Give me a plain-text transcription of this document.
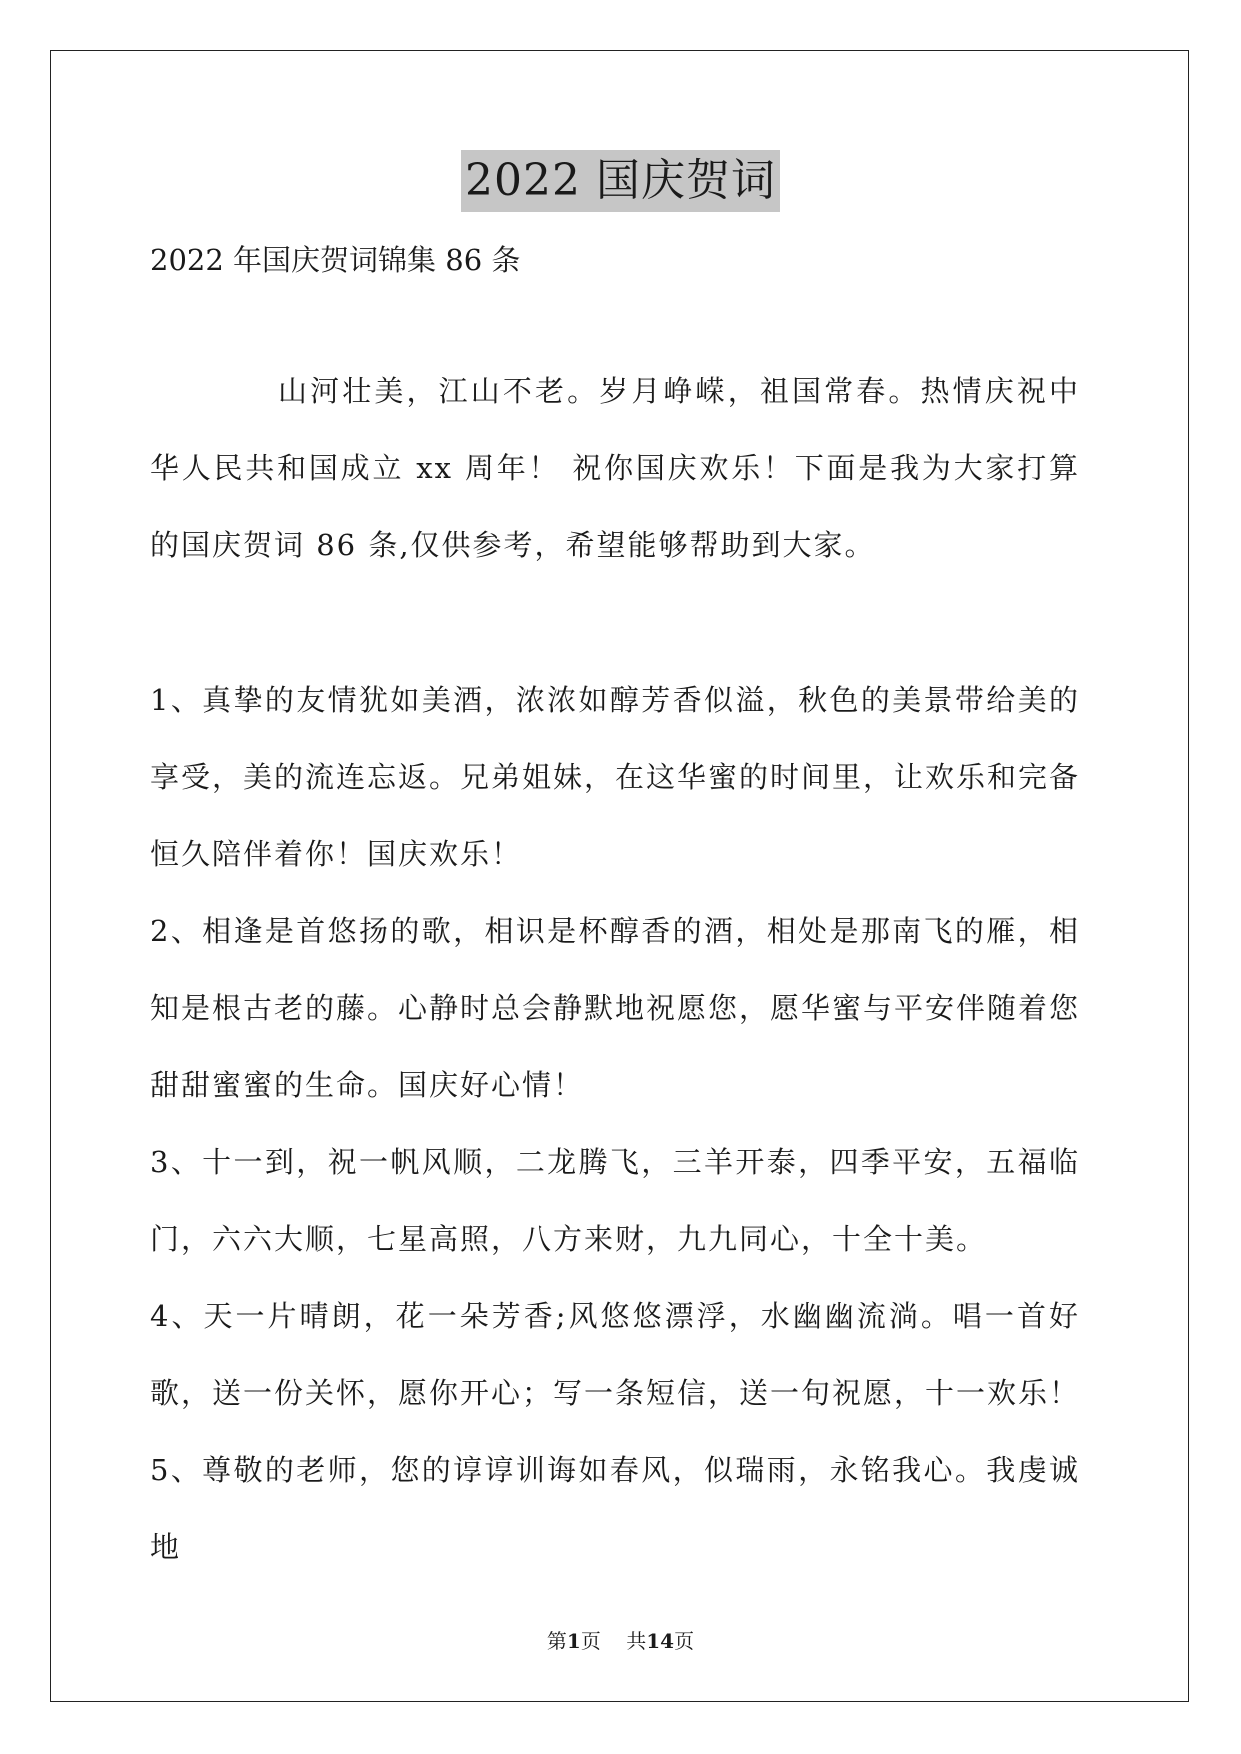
2022 国庆贺词
2022 年国庆贺词锦集 86 条
山河壮美，江山不老。岁月峥嵘，祖国常春。热情庆祝中华人民共和国成立 xx 周年！ 祝你国庆欢乐！下面是我为大家打算的国庆贺词 86 条,仅供参考，希望能够帮助到大家。

1、真挚的友情犹如美酒，浓浓如醇芳香似溢，秋色的美景带给美的享受，美的流连忘返。兄弟姐妹，在这华蜜的时间里，让欢乐和完备恒久陪伴着你！国庆欢乐！

2、相逢是首悠扬的歌，相识是杯醇香的酒，相处是那南飞的雁，相知是根古老的藤。心静时总会静默地祝愿您，愿华蜜与平安伴随着您甜甜蜜蜜的生命。国庆好心情！

3、十一到，祝一帆风顺，二龙腾飞，三羊开泰，四季平安，五福临门，六六大顺，七星高照，八方来财，九九同心，十全十美。

4、天一片晴朗，花一朵芳香;风悠悠漂浮，水幽幽流淌。唱一首好歌，送一份关怀，愿你开心；写一条短信，送一句祝愿，十一欢乐！

5、尊敬的老师，您的谆谆训诲如春风，似瑞雨，永铭我心。我虔诚地

第1页 共14页
